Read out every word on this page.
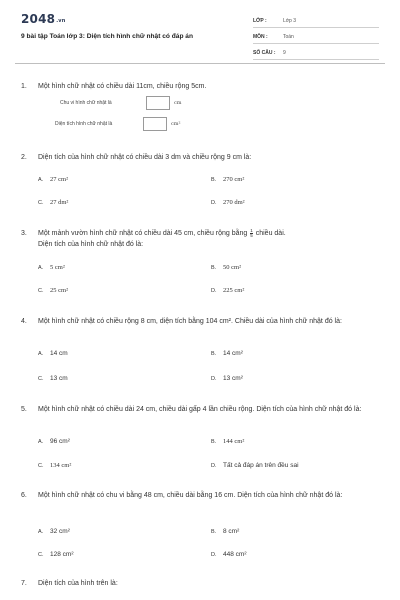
$2048^{.vn}$
9 bài tập Toán lớp 3: Diện tích hình chữ nhật có đáp án
LỚP :	Lớp 3
MÔN :	Toán
SỐ CÂU :	9
1.	Một hình chữ nhật có chiều dài 11cm, chiều rộng 5cm.
Chu vi hình chữ nhật là	cm
Diện tích hình chữ nhật là	cm²
2.	Diện tích của hình chữ nhật có chiều dài 3 dm và chiều rộng 9 cm là:
A.	27 cm²	B.	270 cm²
C.	27 dm²	D.	270 dm²
3.	Một mảnh vườn hình chữ nhật có chiều dài 45 cm, chiều rộng bằng $\frac{1}{5}$ chiều dài.
Diện tích của hình chữ nhật đó là:
A.	5 cm²	B.	50 cm²
C.	25 cm²	D.	225 cm²
4.	Một hình chữ nhật có chiều rộng 8 cm, diện tích bằng 104 cm². Chiều dài của hình chữ nhật đó là:
A.	14 cm	B.	14 cm²
C.	13 cm	D.	13 cm²
5.	Một hình chữ nhật có chiều dài 24 cm, chiều dài gấp 4 lần chiều rộng. Diện tích của hình chữ nhật đó là:
A.	96 cm²	B.	144 cm²
C.	134 cm²	D.	Tất cả đáp án trên đều sai
6.	Một hình chữ nhật có chu vi bằng 48 cm, chiều dài bằng 16 cm. Diện tích của hình chữ nhật đó là:
A.	32 cm²	B.	8 cm²
C.	128 cm²	D.	448 cm²
7.	Diện tích của hình trên là:
